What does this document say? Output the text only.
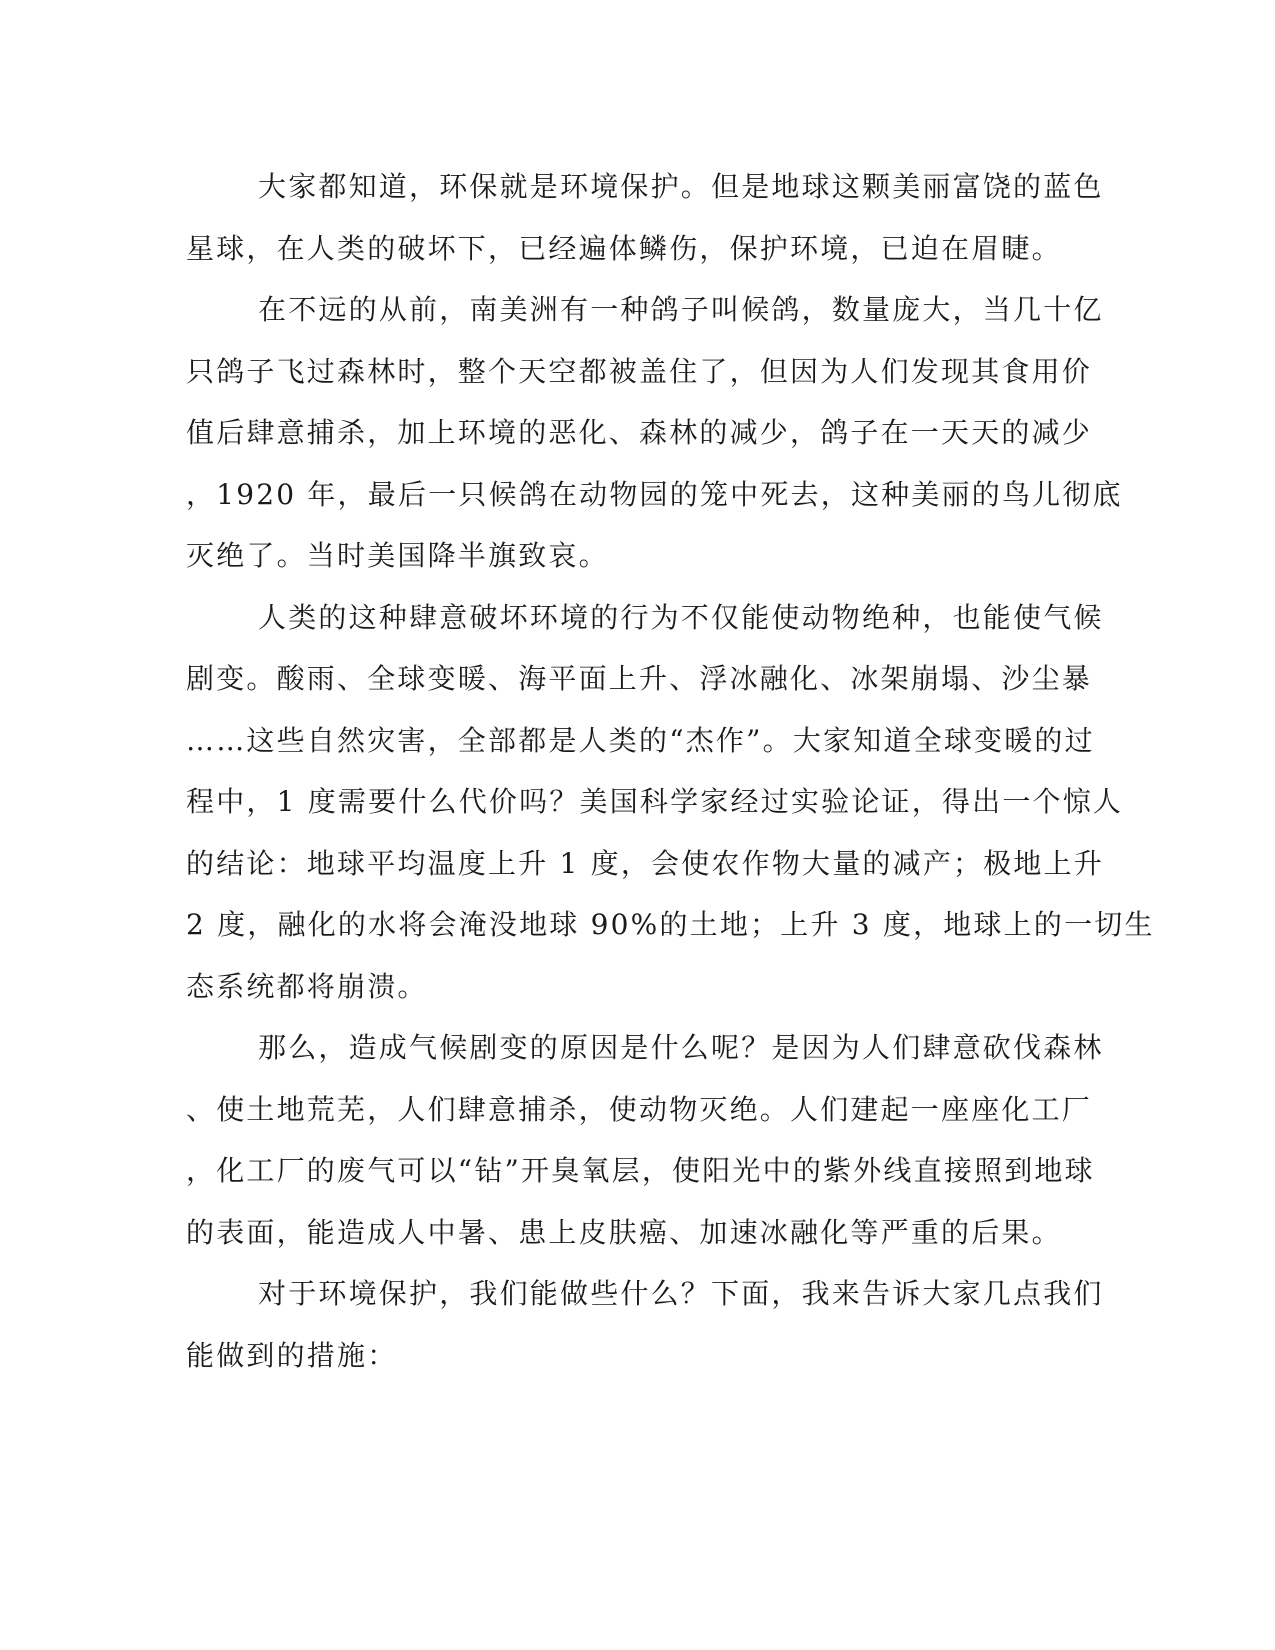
大家都知道，环保就是环境保护。但是地球这颗美丽富饶的蓝色
星球，在人类的破坏下，已经遍体鳞伤，保护环境，已迫在眉睫。
在不远的从前，南美洲有一种鸽子叫候鸽，数量庞大，当几十亿
只鸽子飞过森林时，整个天空都被盖住了，但因为人们发现其食用价
值后肆意捕杀，加上环境的恶化、森林的减少，鸽子在一天天的减少
，1920 年，最后一只候鸽在动物园的笼中死去，这种美丽的鸟儿彻底
灭绝了。当时美国降半旗致哀。
人类的这种肆意破坏环境的行为不仅能使动物绝种，也能使气候
剧变。酸雨、全球变暖、海平面上升、浮冰融化、冰架崩塌、沙尘暴
……这些自然灾害，全部都是人类的“杰作”。大家知道全球变暖的过
程中，1 度需要什么代价吗？美国科学家经过实验论证，得出一个惊人
的结论：地球平均温度上升 1 度，会使农作物大量的减产；极地上升
2 度，融化的水将会淹没地球 90%的土地；上升 3 度，地球上的一切生
态系统都将崩溃。
那么，造成气候剧变的原因是什么呢？是因为人们肆意砍伐森林
、使土地荒芜，人们肆意捕杀，使动物灭绝。人们建起一座座化工厂
，化工厂的废气可以“钻”开臭氧层，使阳光中的紫外线直接照到地球
的表面，能造成人中暑、患上皮肤癌、加速冰融化等严重的后果。
对于环境保护，我们能做些什么？下面，我来告诉大家几点我们
能做到的措施：
